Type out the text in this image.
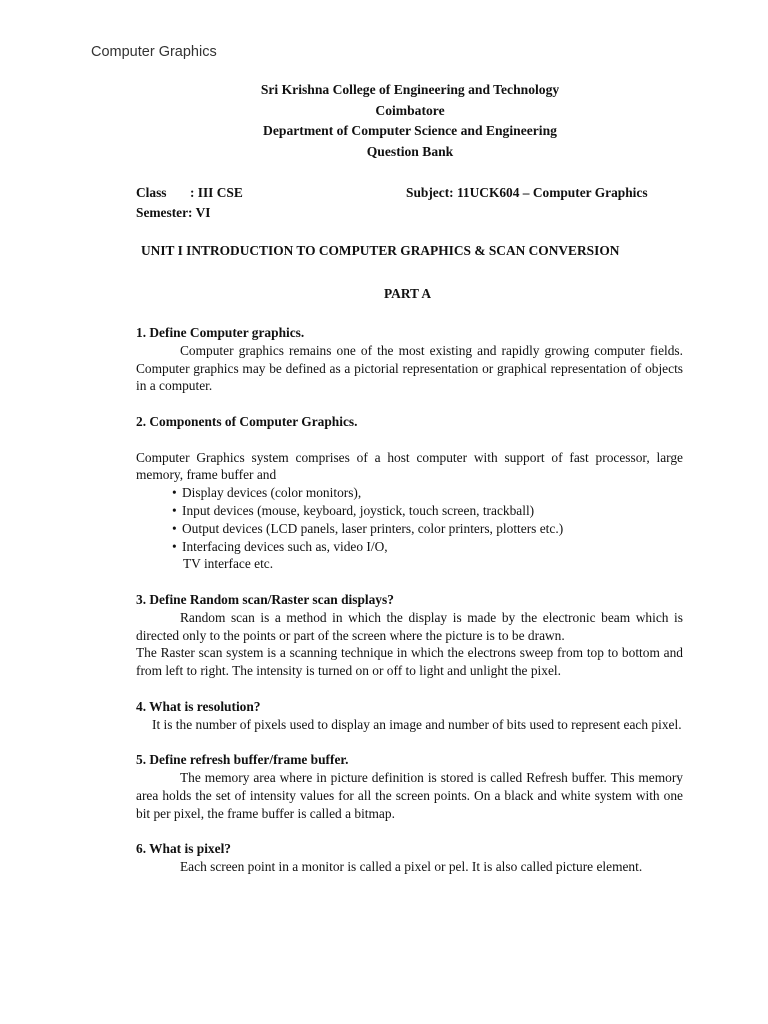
Computer Graphics
Sri Krishna College of Engineering and Technology
Coimbatore
Department of Computer Science and Engineering
Question Bank
Class : III CSE	Subject: 11UCK604 – Computer Graphics
Semester: VI
UNIT I INTRODUCTION TO COMPUTER GRAPHICS & SCAN CONVERSION
PART A

1. Define Computer graphics.

Computer graphics remains one of the most existing and rapidly growing computer fields. Computer graphics may be defined as a pictorial representation or graphical representation of objects in a computer.

2. Components of Computer Graphics.

Computer Graphics system comprises of a host computer with support of fast processor, large memory, frame buffer and

• Display devices (color monitors),
• Input devices (mouse, keyboard, joystick, touch screen, trackball)
• Output devices (LCD panels, laser printers, color printers, plotters etc.)
• Interfacing devices such as, video I/O,
TV interface etc.

3. Define Random scan/Raster scan displays?

Random scan is a method in which the display is made by the electronic beam which is directed only to the points or part of the screen where the picture is to be drawn.

The Raster scan system is a scanning technique in which the electrons sweep from top to bottom and from left to right. The intensity is turned on or off to light and unlight the pixel.

4. What is resolution?

It is the number of pixels used to display an image and number of bits used to represent each pixel.

5. Define refresh buffer/frame buffer.

The memory area where in picture definition is stored is called Refresh buffer. This memory area holds the set of intensity values for all the screen points. On a black and white system with one bit per pixel, the frame buffer is called a bitmap.

6. What is pixel?

Each screen point in a monitor is called a pixel or pel. It is also called picture element.
